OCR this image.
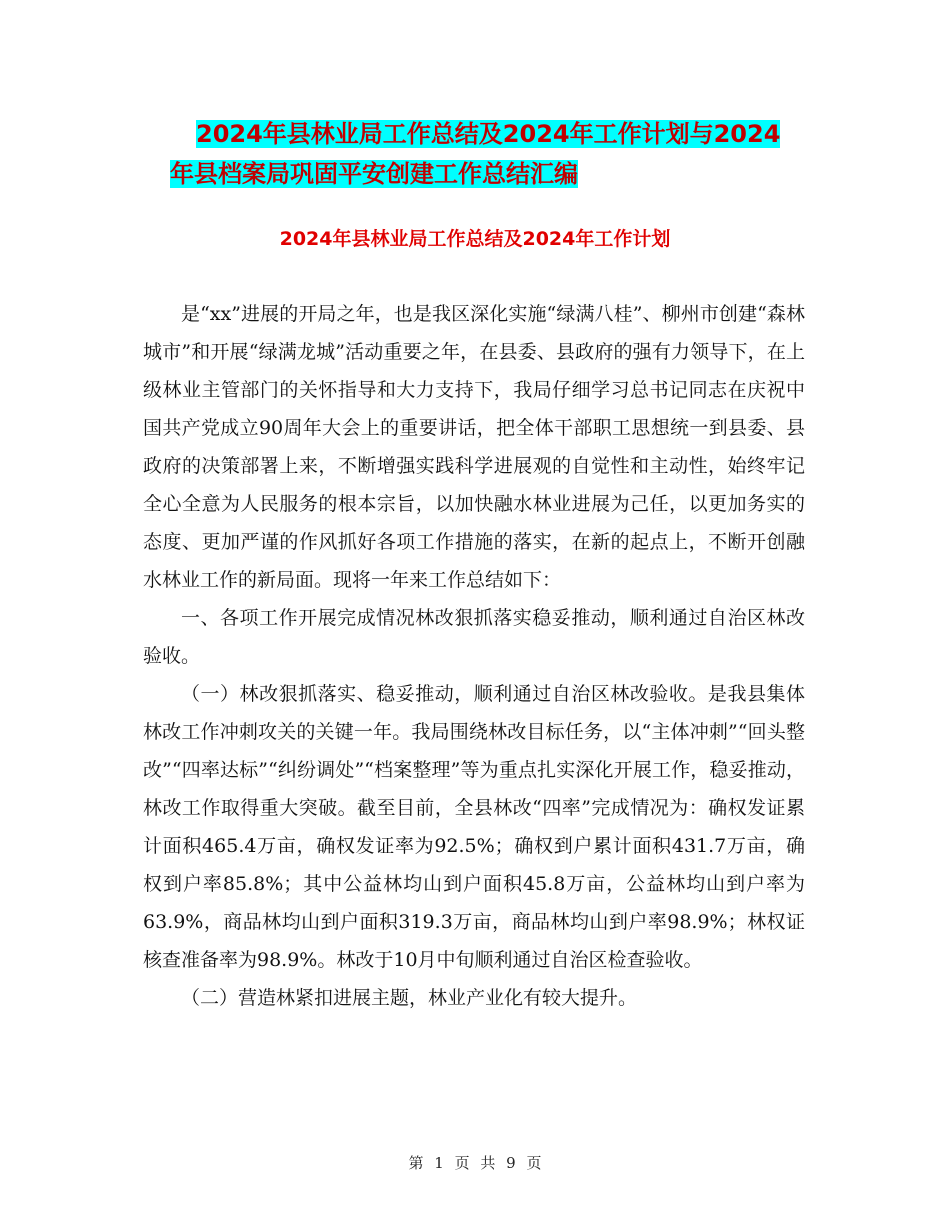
2024年县林业局工作总结及2024年工作计划与2024
年县档案局巩固平安创建工作总结汇编
2024年县林业局工作总结及2024年工作计划

是“xx”进展的开局之年，也是我区深化实施“绿满八桂”、柳州市创建“森林城市”和开展“绿满龙城”活动重要之年，在县委、县政府的强有力领导下，在上级林业主管部门的关怀指导和大力支持下，我局仔细学习总书记同志在庆祝中国共产党成立90周年大会上的重要讲话，把全体干部职工思想统一到县委、县政府的决策部署上来，不断增强实践科学进展观的自觉性和主动性，始终牢记全心全意为人民服务的根本宗旨，以加快融水林业进展为己任，以更加务实的态度、更加严谨的作风抓好各项工作措施的落实，在新的起点上，不断开创融水林业工作的新局面。现将一年来工作总结如下：

一、各项工作开展完成情况林改狠抓落实稳妥推动，顺利通过自治区林改验收。

（一）林改狠抓落实、稳妥推动，顺利通过自治区林改验收。是我县集体林改工作冲刺攻关的关键一年。我局围绕林改目标任务，以“主体冲刺”“回头整改”“四率达标”“纠纷调处”“档案整理”等为重点扎实深化开展工作，稳妥推动，林改工作取得重大突破。截至目前，全县林改“四率”完成情况为：确权发证累计面积465.4万亩，确权发证率为92.5%；确权到户累计面积431.7万亩，确权到户率85.8%；其中公益林均山到户面积45.8万亩，公益林均山到户率为63.9%，商品林均山到户面积319.3万亩，商品林均山到户率98.9%；林权证核查准备率为98.9%。林改于10月中旬顺利通过自治区检查验收。

（二）营造林紧扣进展主题，林业产业化有较大提升。

第 1 页 共 9 页
